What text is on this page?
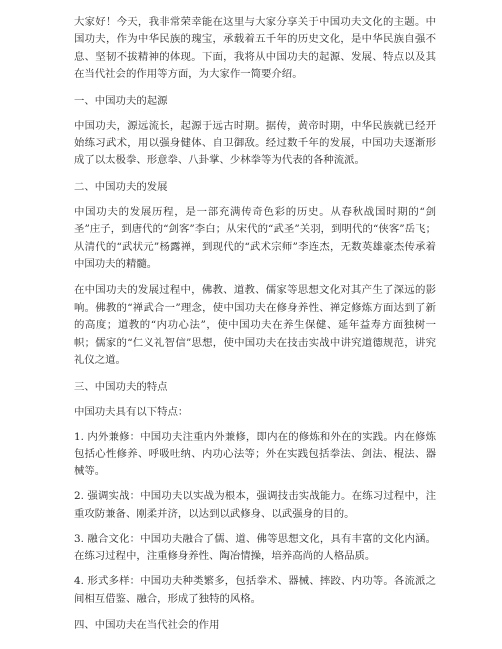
大家好！今天，我非常荣幸能在这里与大家分享关于中国功夫文化的主题。中国功夫，作为中华民族的瑰宝，承载着五千年的历史文化，是中华民族自强不息、坚韧不拔精神的体现。下面，我将从中国功夫的起源、发展、特点以及其在当代社会的作用等方面，为大家作一简要介绍。

一、中国功夫的起源

中国功夫，源远流长，起源于远古时期。据传，黄帝时期，中华民族就已经开始练习武术，用以强身健体、自卫御敌。经过数千年的发展，中国功夫逐渐形成了以太极拳、形意拳、八卦掌、少林拳等为代表的各种流派。

二、中国功夫的发展

中国功夫的发展历程，是一部充满传奇色彩的历史。从春秋战国时期的“剑圣”庄子，到唐代的“剑客”李白；从宋代的“武圣”关羽，到明代的“侠客”岳飞；从清代的“武状元”杨露禅，到现代的“武术宗师”李连杰，无数英雄豪杰传承着中国功夫的精髓。

在中国功夫的发展过程中，佛教、道教、儒家等思想文化对其产生了深远的影响。佛教的“禅武合一”理念，使中国功夫在修身养性、禅定修炼方面达到了新的高度；道教的“内功心法”，使中国功夫在养生保健、延年益寿方面独树一帜；儒家的“仁义礼智信”思想，使中国功夫在技击实战中讲究道德规范，讲究礼仪之道。

三、中国功夫的特点

中国功夫具有以下特点：

1. 内外兼修：中国功夫注重内外兼修，即内在的修炼和外在的实践。内在修炼包括心性修养、呼吸吐纳、内功心法等；外在实践包括拳法、剑法、棍法、器械等。

2. 强调实战：中国功夫以实战为根本，强调技击实战能力。在练习过程中，注重攻防兼备、刚柔并济，以达到以武修身、以武强身的目的。

3. 融合文化：中国功夫融合了儒、道、佛等思想文化，具有丰富的文化内涵。在练习过程中，注重修身养性、陶冶情操，培养高尚的人格品质。

4. 形式多样：中国功夫种类繁多，包括拳术、器械、摔跤、内功等。各流派之间相互借鉴、融合，形成了独特的风格。

四、中国功夫在当代社会的作用
